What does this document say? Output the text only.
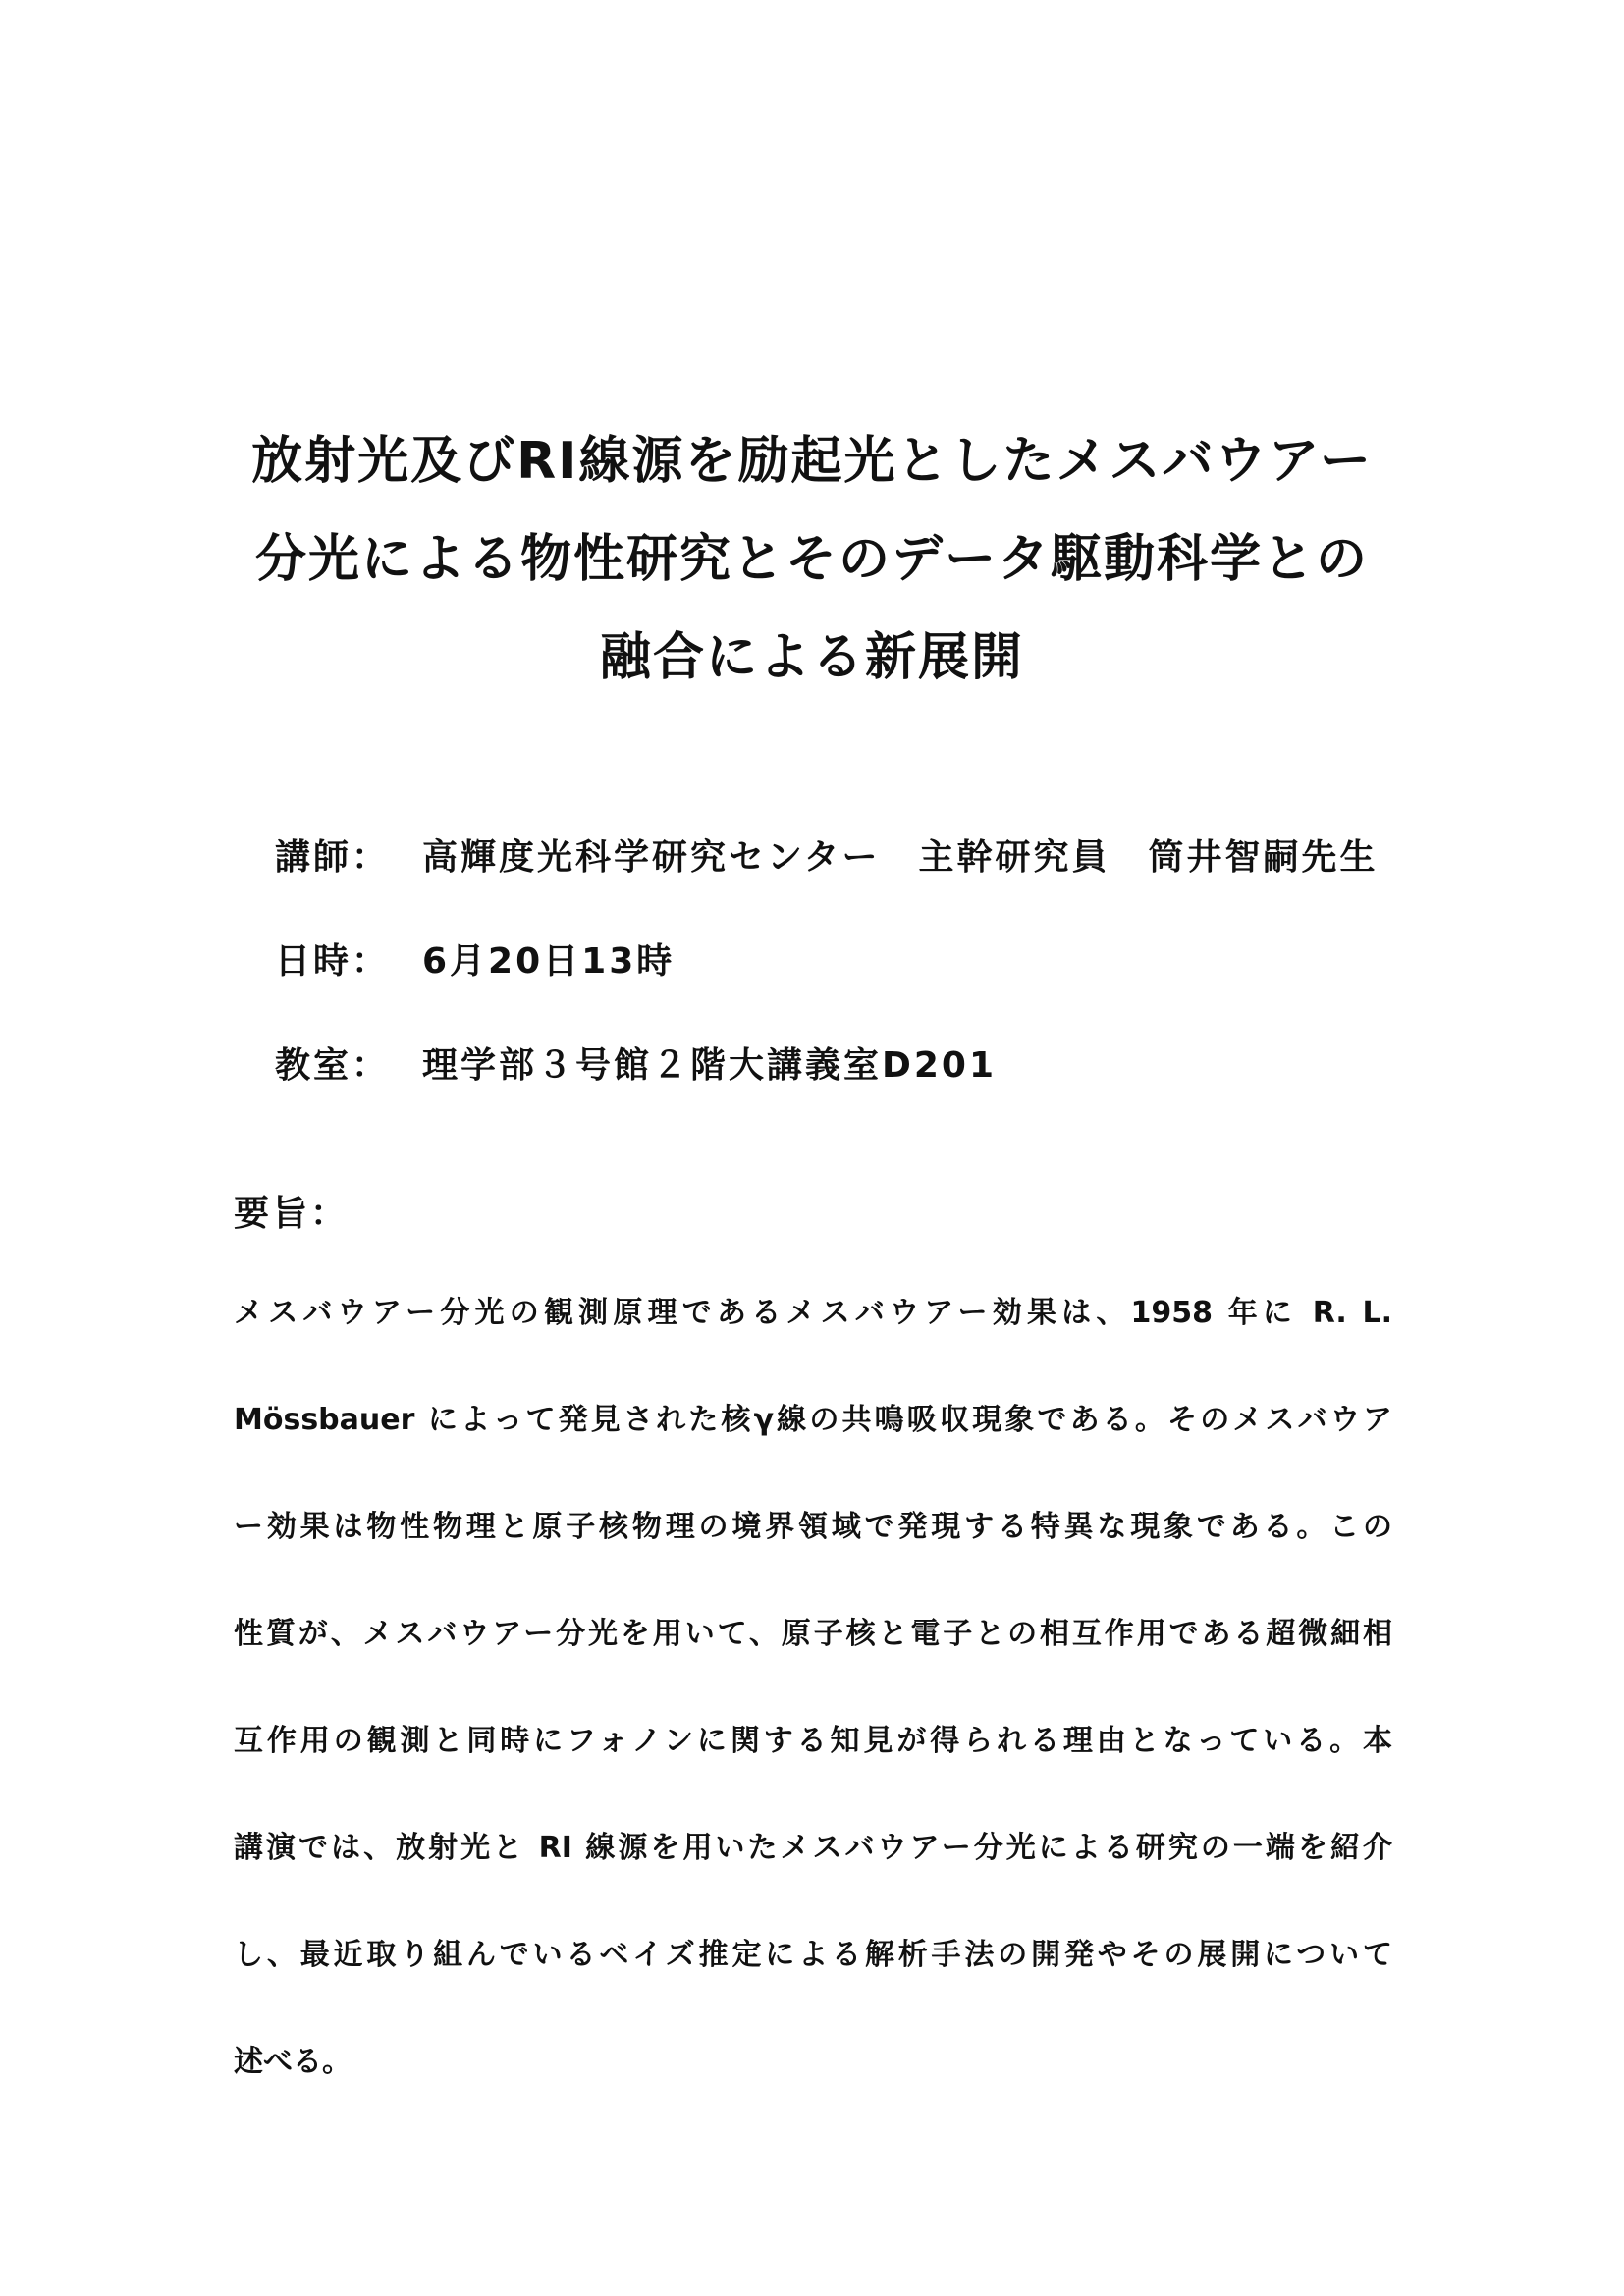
放射光及びRI線源を励起光としたメスバウアー
分光による物性研究とそのデータ駆動科学との
融合による新展開
講師： 高輝度光科学研究センター　主幹研究員　筒井智嗣先生
日時： 6月20日13時
教室： 理学部３号館２階大講義室D201
要旨：
メスバウアー分光の観測原理であるメスバウアー効果は、1958 年に R. L.
Mössbauer によって発見された核γ線の共鳴吸収現象である。そのメスバウア
ー効果は物性物理と原子核物理の境界領域で発現する特異な現象である。この
性質が、メスバウアー分光を用いて、原子核と電子との相互作用である超微細相
互作用の観測と同時にフォノンに関する知見が得られる理由となっている。本
講演では、放射光と RI 線源を用いたメスバウアー分光による研究の一端を紹介
し、最近取り組んでいるベイズ推定による解析手法の開発やその展開について
述べる。
